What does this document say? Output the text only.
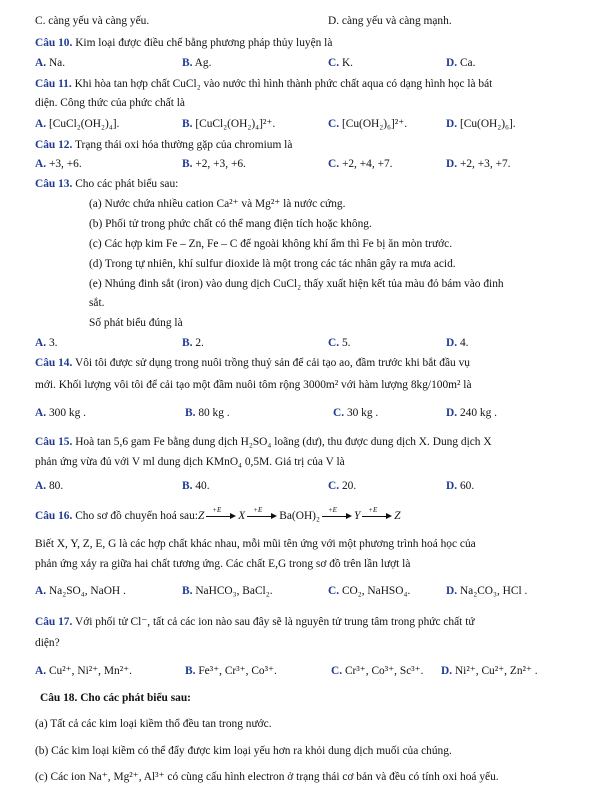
C. càng yếu và càng yếu.	D. càng yếu và càng mạnh.
Câu 10. Kim loại được điều chế bằng phương pháp thủy luyện là
A. Na.	B. Ag.	C. K.	D. Ca.
Câu 11. Khi hòa tan hợp chất CuCl₂ vào nước thì hình thành phức chất aqua có dạng hình học là bát
diện. Công thức của phức chất là
A. [CuCl₂(OH₂)₄].	B. [CuCl₂(OH₂)₄]²⁺.	C. [Cu(OH₂)₆]²⁺.	D. [Cu(OH₂)₆].
Câu 12. Trạng thái oxi hóa thường gặp của chromium là
A. +3, +6.	B. +2, +3, +6.	C. +2, +4, +7.	D. +2, +3, +7.
Câu 13. Cho các phát biểu sau:
(a) Nước chứa nhiều cation Ca²⁺ và Mg²⁺ là nước cứng.
(b) Phối tử trong phức chất có thể mang điện tích hoặc không.
(c) Các hợp kim Fe – Zn, Fe – C để ngoài không khí ẩm thì Fe bị ăn mòn trước.
(d) Trong tự nhiên, khí sulfur dioxide là một trong các tác nhân gây ra mưa acid.
(e) Nhúng đinh sắt (iron) vào dung dịch CuCl₂ thấy xuất hiện kết tủa màu đỏ bám vào đinh
sắt.
Số phát biểu đúng là
A. 3.	B. 2.	C. 5.	D. 4.
Câu 14. Vôi tôi được sử dụng trong nuôi trồng thuỷ sản để cải tạo ao, đầm trước khi bắt đầu vụ
mới. Khối lượng vôi tôi để cải tạo một đầm nuôi tôm rộng 3000m² với hàm lượng 8kg/100m² là
A. 300 kg .	B. 80 kg .	C. 30 kg .	D. 240 kg .
Câu 15. Hoà tan 5,6 gam Fe bằng dung dịch H₂SO₄ loãng (dư), thu được dung dịch X. Dung dịch X
phản ứng vừa đủ với V ml dung dịch KMnO₄ 0,5M. Giá trị của V là
A. 80.	B. 40.	C. 20.	D. 60.
Câu 16. Cho sơ đồ chuyển hoá sau:Z +E X +E Ba(OH)₂ +E Y +E Z
Biết X, Y, Z, E, G là các hợp chất khác nhau, mỗi mũi tên ứng với một phương trình hoá học của
phản ứng xảy ra giữa hai chất tương ứng. Các chất E,G trong sơ đồ trên lần lượt là
A. Na₂SO₄, NaOH .	B. NaHCO₃, BaCl₂.	C. CO₂, NaHSO₄.	D. Na₂CO₃, HCl .
Câu 17. Với phối tử Cl⁻, tất cả các ion nào sau đây sẽ là nguyên tử trung tâm trong phức chất tứ
diện?
A. Cu²⁺, Ni²⁺, Mn²⁺.	B. Fe³⁺, Cr³⁺, Co³⁺.	C. Cr³⁺, Co³⁺, Sc³⁺. D. Ni²⁺, Cu²⁺, Zn²⁺ .
Câu 18. Cho các phát biểu sau:
(a) Tất cả các kim loại kiềm thổ đều tan trong nước.
(b) Các kim loại kiềm có thể đẩy được kim loại yếu hơn ra khỏi dung dịch muối của chúng.
(c) Các ion Na⁺, Mg²⁺, Al³⁺ có cùng cấu hình electron ở trạng thái cơ bản và đều có tính oxi hoá yếu.
